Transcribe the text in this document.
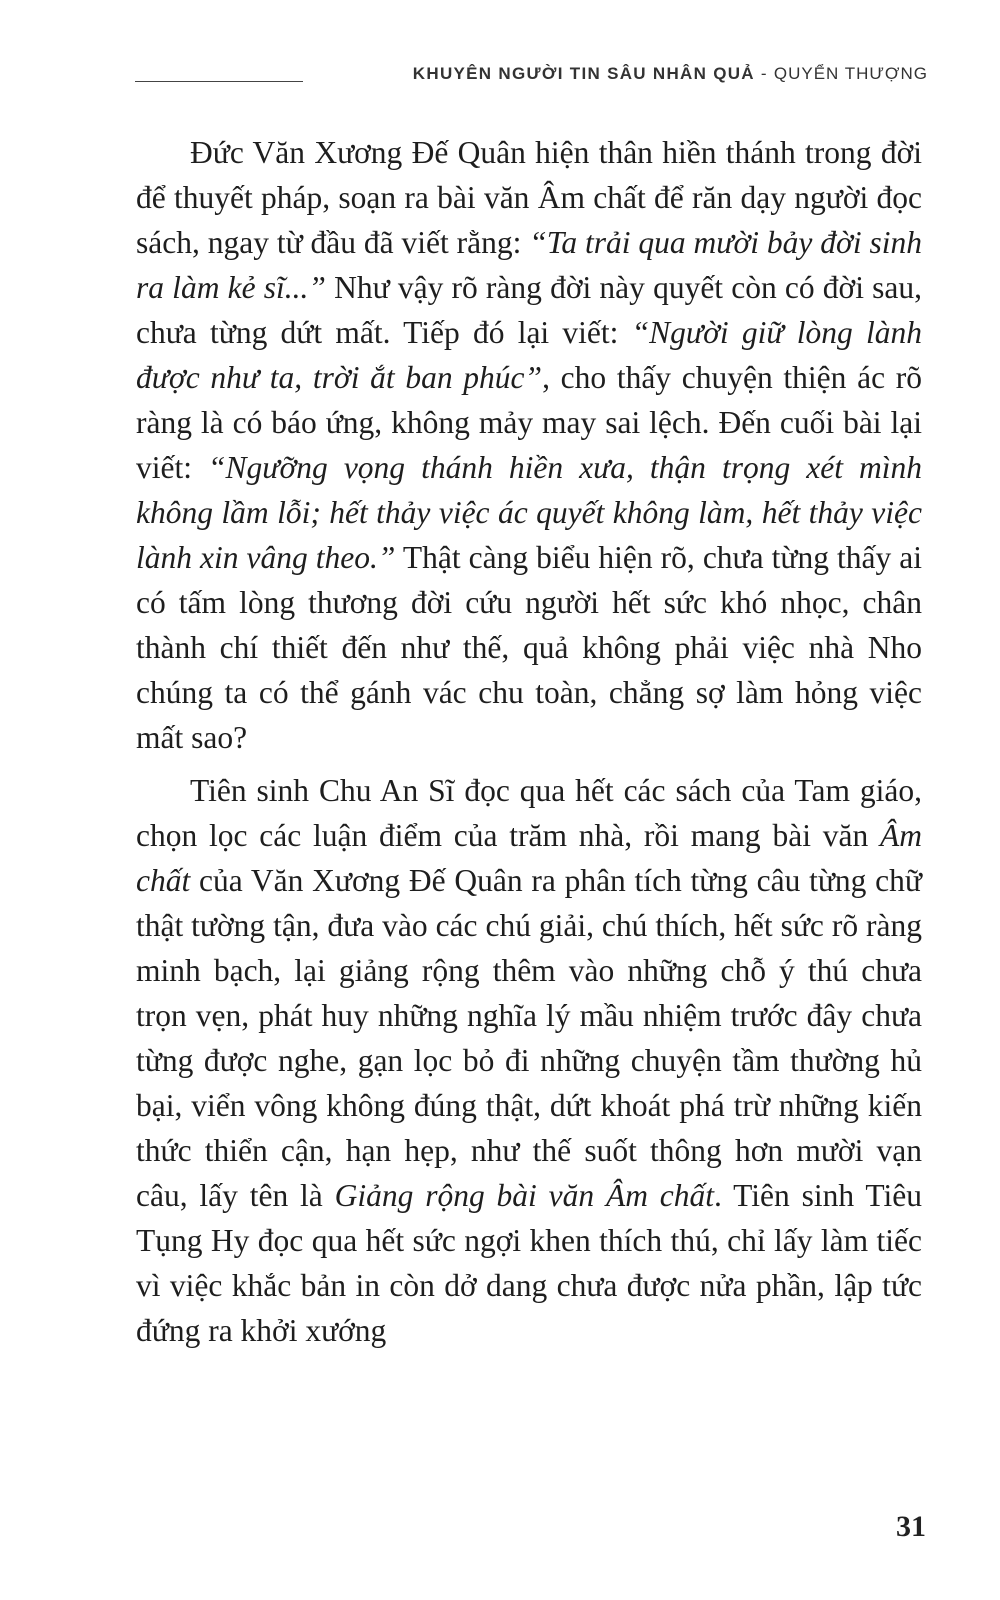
KHUYÊN NGƯỜI TIN SÂU NHÂN QUẢ - QUYỂN THƯỢNG

Đức Văn Xương Đế Quân hiện thân hiền thánh trong đời để thuyết pháp, soạn ra bài văn Âm chất để răn dạy người đọc sách, ngay từ đầu đã viết rằng: “Ta trải qua mười bảy đời sinh ra làm kẻ sĩ...” Như vậy rõ ràng đời này quyết còn có đời sau, chưa từng dứt mất. Tiếp đó lại viết: “Người giữ lòng lành được như ta, trời ắt ban phúc”, cho thấy chuyện thiện ác rõ ràng là có báo ứng, không mảy may sai lệch. Đến cuối bài lại viết: “Ngưỡng vọng thánh hiền xưa, thận trọng xét mình không lầm lỗi; hết thảy việc ác quyết không làm, hết thảy việc lành xin vâng theo.” Thật càng biểu hiện rõ, chưa từng thấy ai có tấm lòng thương đời cứu người hết sức khó nhọc, chân thành chí thiết đến như thế, quả không phải việc nhà Nho chúng ta có thể gánh vác chu toàn, chẳng sợ làm hỏng việc mất sao?

Tiên sinh Chu An Sĩ đọc qua hết các sách của Tam giáo, chọn lọc các luận điểm của trăm nhà, rồi mang bài văn Âm chất của Văn Xương Đế Quân ra phân tích từng câu từng chữ thật tường tận, đưa vào các chú giải, chú thích, hết sức rõ ràng minh bạch, lại giảng rộng thêm vào những chỗ ý thú chưa trọn vẹn, phát huy những nghĩa lý mầu nhiệm trước đây chưa từng được nghe, gạn lọc bỏ đi những chuyện tầm thường hủ bại, viển vông không đúng thật, dứt khoát phá trừ những kiến thức thiển cận, hạn hẹp, như thế suốt thông hơn mười vạn câu, lấy tên là Giảng rộng bài văn Âm chất. Tiên sinh Tiêu Tụng Hy đọc qua hết sức ngợi khen thích thú, chỉ lấy làm tiếc vì việc khắc bản in còn dở dang chưa được nửa phần, lập tức đứng ra khởi xướng

31
